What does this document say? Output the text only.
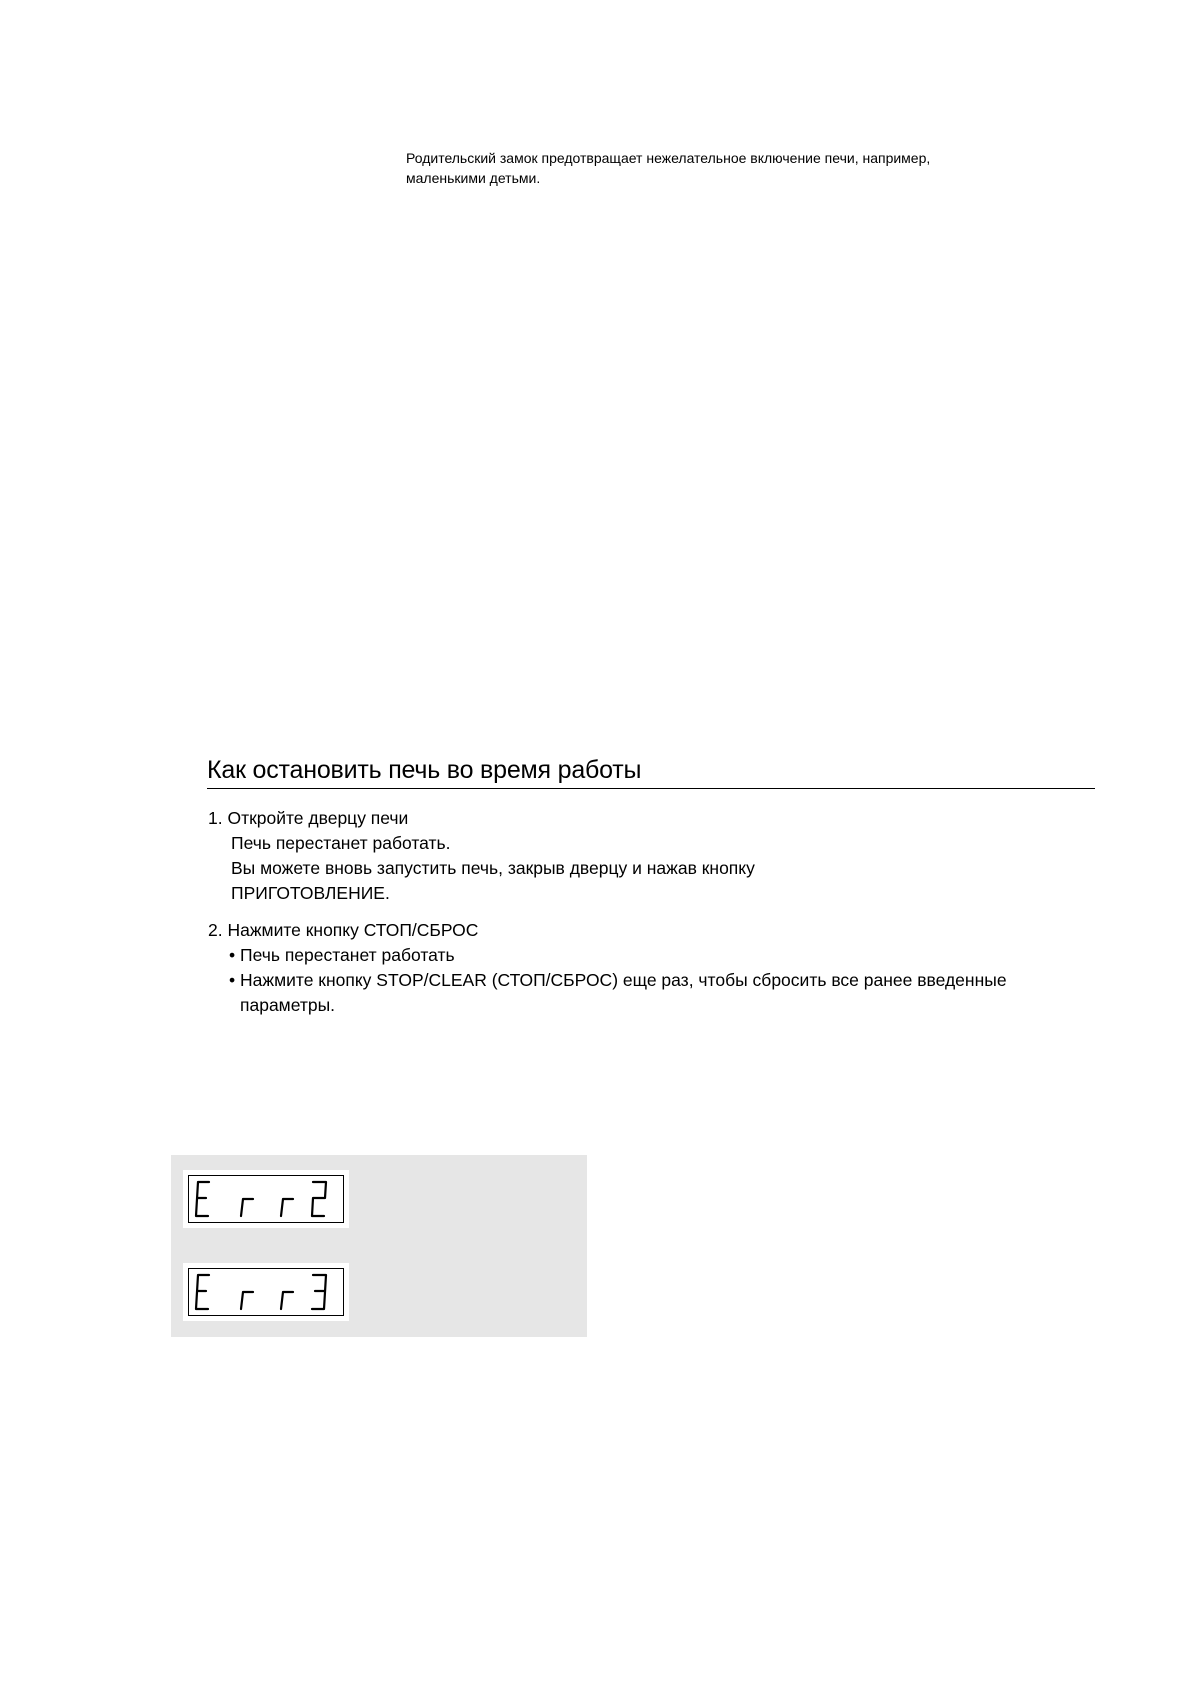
Родительский замок предотвращает нежелательное включение печи, например,

маленькими детьми.

Как остановить печь во время работы

1. Откройте дверцу печи

Печь перестанет работать.

Вы можете вновь запустить печь, закрыв дверцу и нажав кнопку

ПРИГОТОВЛЕНИЕ.

2. Нажмите кнопку СТОП/СБРОС

• Печь перестанет работать

• Нажмите кнопку STOP/CLEAR (СТОП/СБРОС) еще раз, чтобы сбросить все ранее введенные

параметры.
